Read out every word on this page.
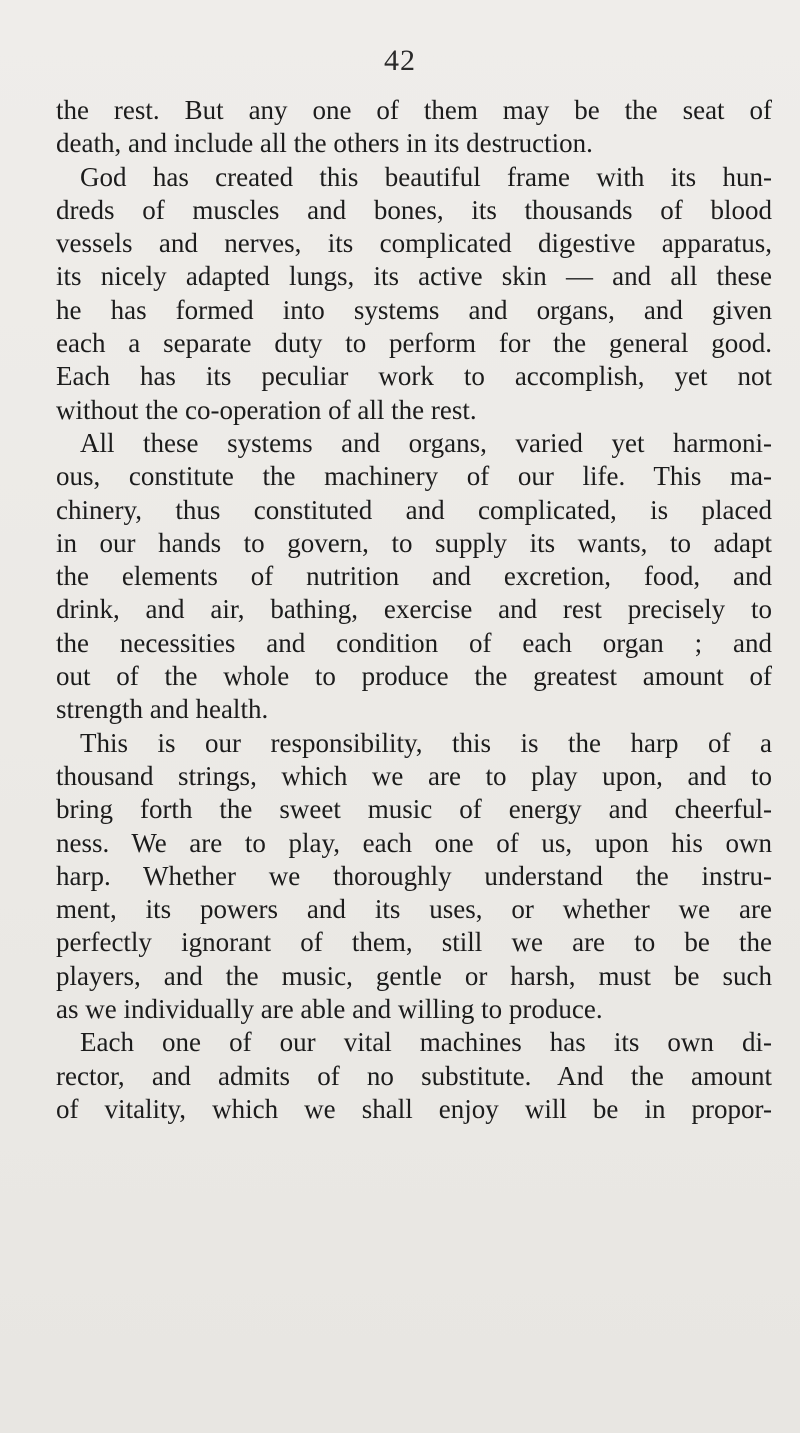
42
the rest. But any one of them may be the seat of
death, and include all the others in its destruction.
God has created this beautiful frame with its hun-
dreds of muscles and bones, its thousands of blood
vessels and nerves, its complicated digestive apparatus,
its nicely adapted lungs, its active skin — and all these
he has formed into systems and organs, and given
each a separate duty to perform for the general good.
Each has its peculiar work to accomplish, yet not
without the co-operation of all the rest.
All these systems and organs, varied yet harmoni-
ous, constitute the machinery of our life. This ma-
chinery, thus constituted and complicated, is placed
in our hands to govern, to supply its wants, to adapt
the elements of nutrition and excretion, food, and
drink, and air, bathing, exercise and rest precisely to
the necessities and condition of each organ ; and
out of the whole to produce the greatest amount of
strength and health.
This is our responsibility, this is the harp of a
thousand strings, which we are to play upon, and to
bring forth the sweet music of energy and cheerful-
ness. We are to play, each one of us, upon his own
harp. Whether we thoroughly understand the instru-
ment, its powers and its uses, or whether we are
perfectly ignorant of them, still we are to be the
players, and the music, gentle or harsh, must be such
as we individually are able and willing to produce.
Each one of our vital machines has its own di-
rector, and admits of no substitute. And the amount
of vitality, which we shall enjoy will be in propor-
